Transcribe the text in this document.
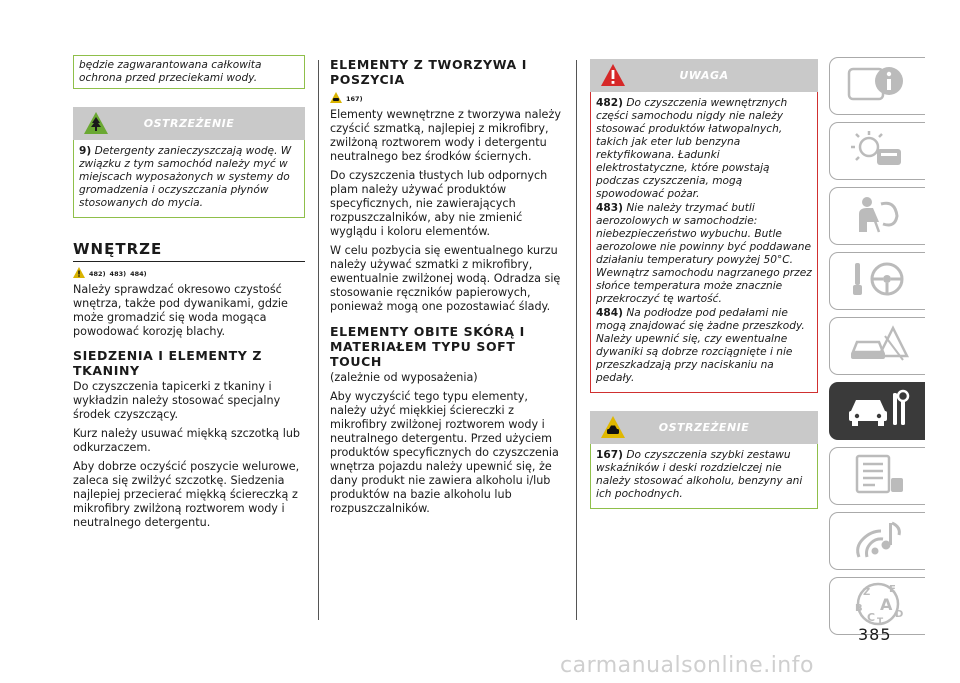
będzie zagwarantowana całkowita ochrona przed przeciekami wody.
OSTRZEŻENIE

9) Detergenty zanieczyszczają wodę. W związku z tym samochód należy myć w miejscach wyposażonych w systemy do gromadzenia i oczyszczania płynów stosowanych do mycia.

WNĘTRZE
482) 483) 484)

Należy sprawdzać okresowo czystość wnętrza, także pod dywanikami, gdzie może gromadzić się woda mogąca powodować korozję blachy.

SIEDZENIA I ELEMENTY Z TKANINY

Do czyszczenia tapicerki z tkaniny i wykładzin należy stosować specjalny środek czyszczący.

Kurz należy usuwać miękką szczotką lub odkurzaczem.

Aby dobrze oczyścić poszycie welurowe, zaleca się zwilżyć szczotkę. Siedzenia najlepiej przecierać miękką ściereczką z mikrofibry zwilżoną roztworem wody i neutralnego detergentu.

ELEMENTY Z TWORZYWA I POSZYCIA
167)

Elementy wewnętrzne z tworzywa należy czyścić szmatką, najlepiej z mikrofibry, zwilżoną roztworem wody i detergentu neutralnego bez środków ściernych.

Do czyszczenia tłustych lub odpornych plam należy używać produktów specyficznych, nie zawierających rozpuszczalników, aby nie zmienić wyglądu i koloru elementów.

W celu pozbycia się ewentualnego kurzu należy używać szmatki z mikrofibry, ewentualnie zwilżonej wodą. Odradza się stosowanie ręczników papierowych, ponieważ mogą one pozostawiać ślady.

ELEMENTY OBITE SKÓRĄ I MATERIAŁEM TYPU SOFT TOUCH

(zależnie od wyposażenia)

Aby wyczyścić tego typu elementy, należy użyć miękkiej ściereczki z mikrofibry zwilżonej roztworem wody i neutralnego detergentu. Przed użyciem produktów specyficznych do czyszczenia wnętrza pojazdu należy upewnić się, że dany produkt nie zawiera alkoholu i/lub produktów na bazie alkoholu lub rozpuszczalników.

UWAGA

482) Do czyszczenia wewnętrznych części samochodu nigdy nie należy stosować produktów łatwopalnych, takich jak eter lub benzyna rektyfikowana. Ładunki elektrostatyczne, które powstają podczas czyszczenia, mogą spowodować pożar.

483) Nie należy trzymać butli aerozolowych w samochodzie: niebezpieczeństwo wybuchu. Butle aerozolowe nie powinny być poddawane działaniu temperatury powyżej 50°C. Wewnątrz samochodu nagrzanego przez słońce temperatura może znacznie przekroczyć tę wartość.

484) Na podłodze pod pedałami nie mogą znajdować się żadne przeszkody. Należy upewnić się, czy ewentualne dywaniki są dobrze rozciągnięte i nie przeszkadzają przy naciskaniu na pedały.

OSTRZEŻENIE

167) Do czyszczenia szybki zestawu wskaźników i deski rozdzielczej nie należy stosować alkoholu, benzyny ani ich pochodnych.

Z E
B A
C T
D
385
carmanualsonline.info
